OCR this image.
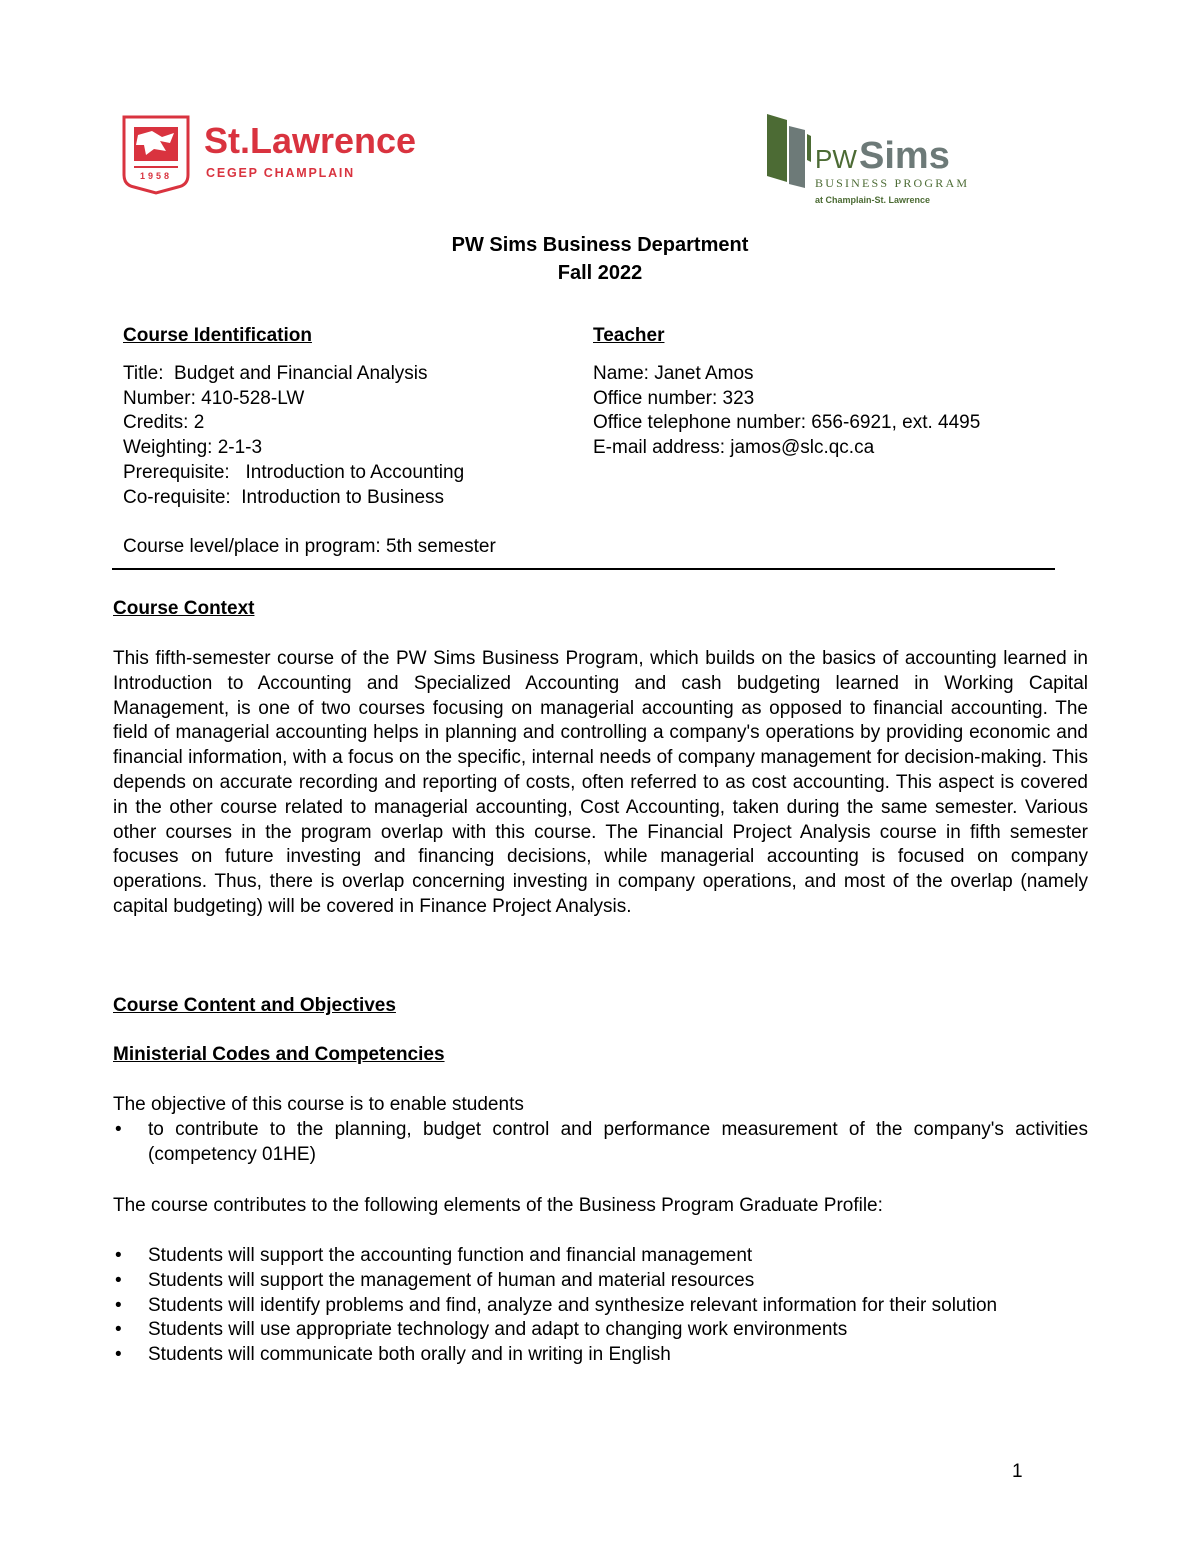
1958
St.Lawrence
CEGEP CHAMPLAIN	PW Sims
BUSINESS PROGRAM
at Champlain-St. Lawrence
PW Sims Business Department
Fall 2022
Course Identification
Title:  Budget and Financial Analysis
Number: 410-528-LW
Credits: 2
Weighting: 2-1-3
Prerequisite:   Introduction to Accounting
Co-requisite:  Introduction to Business
Course level/place in program: 5th semester
Teacher
Name: Janet Amos
Office number: 323
Office telephone number: 656-6921, ext. 4495
E-mail address: jamos@slc.qc.ca
Course Context
This fifth-semester course of the PW Sims Business Program, which builds on the basics of accounting learned in Introduction to Accounting and Specialized Accounting and cash budgeting learned in Working Capital Management, is one of two courses focusing on managerial accounting as opposed to financial accounting. The field of managerial accounting helps in planning and controlling a company's operations by providing economic and financial information, with a focus on the specific, internal needs of company management for decision-making. This depends on accurate recording and reporting of costs, often referred to as cost accounting. This aspect is covered in the other course related to managerial accounting, Cost Accounting, taken during the same semester. Various other courses in the program overlap with this course. The Financial Project Analysis course in fifth semester focuses on future investing and financing decisions, while managerial accounting is focused on company operations. Thus, there is overlap concerning investing in company operations, and most of the overlap (namely capital budgeting) will be covered in Finance Project Analysis.
Course Content and Objectives
Ministerial Codes and Competencies
The objective of this course is to enable students
• to contribute to the planning, budget control and performance measurement of the company's activities (competency 01HE)
The course contributes to the following elements of the Business Program Graduate Profile:
• Students will support the accounting function and financial management
• Students will support the management of human and material resources
• Students will identify problems and find, analyze and synthesize relevant information for their solution
• Students will use appropriate technology and adapt to changing work environments
• Students will communicate both orally and in writing in English
1
